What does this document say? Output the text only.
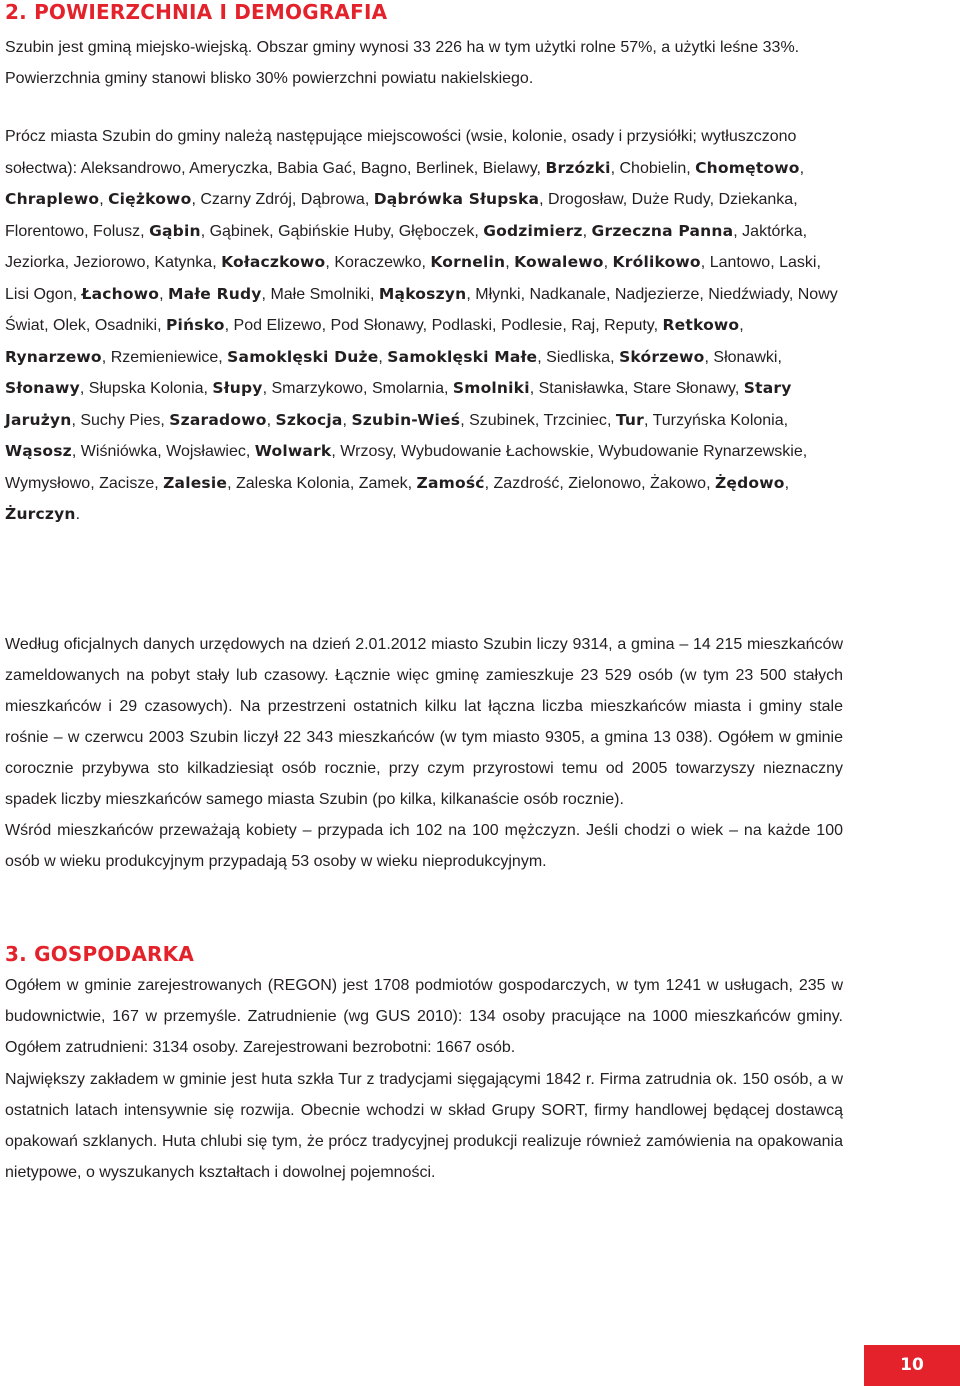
2. POWIERZCHNIA I DEMOGRAFIA

Szubin jest gminą miejsko-wiejską. Obszar gminy wynosi 33 226 ha w tym użytki rolne 57%, a użytki leśne 33%. Powierzchnia gminy stanowi blisko 30% powierzchni powiatu nakielskiego.

Prócz miasta Szubin do gminy należą następujące miejscowości (wsie, kolonie, osady i przysiółki; wytłuszczono sołectwa): Aleksandrowo, Ameryczka, Babia Gać, Bagno, Berlinek, Bielawy, Brzózki, Chobielin, Chomętowo, Chraplewo, Ciężkowo, Czarny Zdrój, Dąbrowa, Dąbrówka Słupska, Drogosław, Duże Rudy, Dziekanka, Florentowo, Folusz, Gąbin, Gąbinek, Gąbińskie Huby, Głęboczek, Godzimierz, Grzeczna Panna, Jaktórka, Jeziorka, Jeziorowo, Katynka, Kołaczkowo, Koraczewko, Kornelin, Kowalewo, Królikowo, Lantowo, Laski, Lisi Ogon, Łachowo, Małe Rudy, Małe Smolniki, Mąkoszyn, Młynki, Nadkanale, Nadjezierze, Niedźwiady, Nowy Świat, Olek, Osadniki, Pińsko, Pod Elizewo, Pod Słonawy, Podlaski, Podlesie, Raj, Reputy, Retkowo, Rynarzewo, Rzemieniewice, Samoklęski Duże, Samoklęski Małe, Siedliska, Skórzewo, Słonawki, Słonawy, Słupska Kolonia, Słupy, Smarzykowo, Smolarnia, Smolniki, Stanisławka, Stare Słonawy, Stary Jarużyn, Suchy Pies, Szaradowo, Szkocja, Szubin-Wieś, Szubinek, Trzciniec, Tur, Turzyńska Kolonia, Wąsosz, Wiśniówka, Wojsławiec, Wolwark, Wrzosy, Wybudowanie Łachowskie, Wybudowanie Rynarzewskie, Wymysłowo, Zacisze, Zalesie, Zaleska Kolonia, Zamek, Zamość, Zazdrość, Zielonowo, Żakowo, Żędowo, Żurczyn.

Według oficjalnych danych urzędowych na dzień 2.01.2012 miasto Szubin liczy 9314, a gmina – 14 215 mieszkańców zameldowanych na pobyt stały lub czasowy. Łącznie więc gminę zamieszkuje 23 529 osób (w tym 23 500 stałych mieszkańców i 29 czasowych). Na przestrzeni ostatnich kilku lat łączna liczba mieszkańców miasta i gminy stale rośnie – w czerwcu 2003 Szubin liczył 22 343 mieszkańców (w tym miasto 9305, a gmina 13 038). Ogółem w gminie corocznie przybywa sto kilkadziesiąt osób rocznie, przy czym przyrostowi temu od 2005 towarzyszy nieznaczny spadek liczby mieszkańców samego miasta Szubin (po kilka, kilkanaście osób rocznie).

Wśród mieszkańców przeważają kobiety – przypada ich 102 na 100 mężczyzn. Jeśli chodzi o wiek – na każde 100 osób w wieku produkcyjnym przypadają 53 osoby w wieku nieprodukcyjnym.

3. GOSPODARKA

Ogółem w gminie zarejestrowanych (REGON) jest 1708 podmiotów gospodarczych, w tym 1241 w usługach, 235 w budownictwie, 167 w przemyśle. Zatrudnienie (wg GUS 2010): 134 osoby pracujące na 1000 mieszkańców gminy. Ogółem zatrudnieni: 3134 osoby. Zarejestrowani bezrobotni: 1667 osób.

Największy zakładem w gminie jest huta szkła Tur z tradycjami sięgającymi 1842 r. Firma zatrudnia ok. 150 osób, a w ostatnich latach intensywnie się rozwija. Obecnie wchodzi w skład Grupy SORT, firmy handlowej będącej dostawcą opakowań szklanych. Huta chlubi się tym, że prócz tradycyjnej produkcji realizuje również zamówienia na opakowania nietypowe, o wyszukanych kształtach i dowolnej pojemności.

10
